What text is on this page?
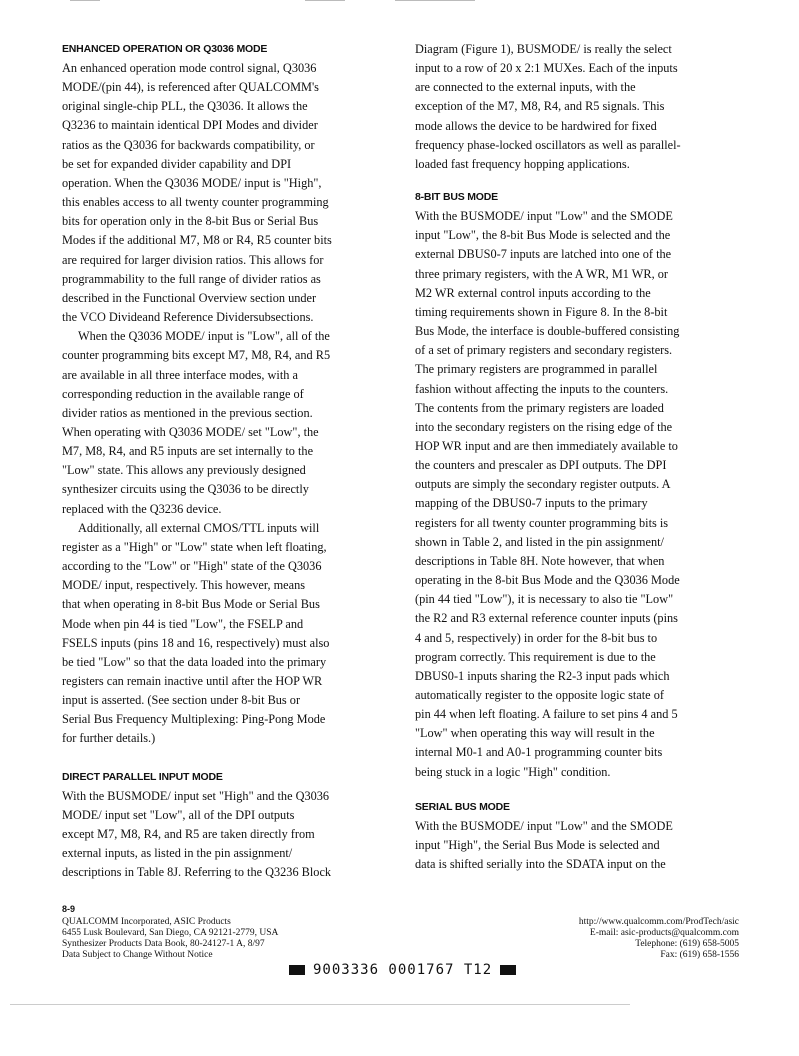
ENHANCED OPERATION OR Q3036 MODE

An enhanced operation mode control signal, Q3036

MODE/(pin 44), is referenced after QUALCOMM's

original single-chip PLL, the Q3036. It allows the

Q3236 to maintain identical DPI Modes and divider

ratios as the Q3036 for backwards compatibility, or

be set for expanded divider capability and DPI

operation. When the Q3036 MODE/ input is "High",

this enables access to all twenty counter programming

bits for operation only in the 8-bit Bus or Serial Bus

Modes if the additional M7, M8 or R4, R5 counter bits

are required for larger division ratios. This allows for

programmability to the full range of divider ratios as

described in the Functional Overview section under

the VCO Divideand Reference Dividersubsections.

When the Q3036 MODE/ input is "Low", all of the

counter programming bits except M7, M8, R4, and R5

are available in all three interface modes, with a

corresponding reduction in the available range of

divider ratios as mentioned in the previous section.

When operating with Q3036 MODE/ set "Low", the

M7, M8, R4, and R5 inputs are set internally to the

"Low" state. This allows any previously designed

synthesizer circuits using the Q3036 to be directly

replaced with the Q3236 device.

Additionally, all external CMOS/TTL inputs will

register as a "High" or "Low" state when left floating,

according to the "Low" or "High" state of the Q3036

MODE/ input, respectively. This however, means

that when operating in 8-bit Bus Mode or Serial Bus

Mode when pin 44 is tied "Low", the FSELP and

FSELS inputs (pins 18 and 16, respectively) must also

be tied "Low" so that the data loaded into the primary

registers can remain inactive until after the HOP WR

input is asserted. (See section under 8-bit Bus or

Serial Bus Frequency Multiplexing: Ping-Pong Mode

for further details.)

DIRECT PARALLEL INPUT MODE

With the BUSMODE/ input set "High" and the Q3036

MODE/ input set "Low", all of the DPI outputs

except M7, M8, R4, and R5 are taken directly from

external inputs, as listed in the pin assignment/

descriptions in Table 8J. Referring to the Q3236 Block

Diagram (Figure 1), BUSMODE/ is really the select

input to a row of 20 x 2:1 MUXes. Each of the inputs

are connected to the external inputs, with the

exception of the M7, M8, R4, and R5 signals. This

mode allows the device to be hardwired for fixed

frequency phase-locked oscillators as well as parallel-

loaded fast frequency hopping applications.

8-BIT BUS MODE

With the BUSMODE/ input "Low" and the SMODE

input "Low", the 8-bit Bus Mode is selected and the

external DBUS0-7 inputs are latched into one of the

three primary registers, with the A WR, M1 WR, or

M2 WR external control inputs according to the

timing requirements shown in Figure 8. In the 8-bit

Bus Mode, the interface is double-buffered consisting

of a set of primary registers and secondary registers.

The primary registers are programmed in parallel

fashion without affecting the inputs to the counters.

The contents from the primary registers are loaded

into the secondary registers on the rising edge of the

HOP WR input and are then immediately available to

the counters and prescaler as DPI outputs. The DPI

outputs are simply the secondary register outputs. A

mapping of the DBUS0-7 inputs to the primary

registers for all twenty counter programming bits is

shown in Table 2, and listed in the pin assignment/

descriptions in Table 8H. Note however, that when

operating in the 8-bit Bus Mode and the Q3036 Mode

(pin 44 tied "Low"), it is necessary to also tie "Low"

the R2 and R3 external reference counter inputs (pins

4 and 5, respectively) in order for the 8-bit bus to

program correctly. This requirement is due to the

DBUS0-1 inputs sharing the R2-3 input pads which

automatically register to the opposite logic state of

pin 44 when left floating. A failure to set pins 4 and 5

"Low" when operating this way will result in the

internal M0-1 and A0-1 programming counter bits

being stuck in a logic "High" condition.

SERIAL BUS MODE

With the BUSMODE/ input "Low" and the SMODE

input "High", the Serial Bus Mode is selected and

data is shifted serially into the SDATA input on the

8-9
QUALCOMM Incorporated, ASIC Products
6455 Lusk Boulevard, San Diego, CA 92121-2779, USA
Synthesizer Products Data Book, 80-24127-1 A, 8/97
Data Subject to Change Without Notice
http://www.qualcomm.com/ProdTech/asic
E-mail: asic-products@qualcomm.com
Telephone: (619) 658-5005
Fax: (619) 658-1556
9003336 0001767 T12
